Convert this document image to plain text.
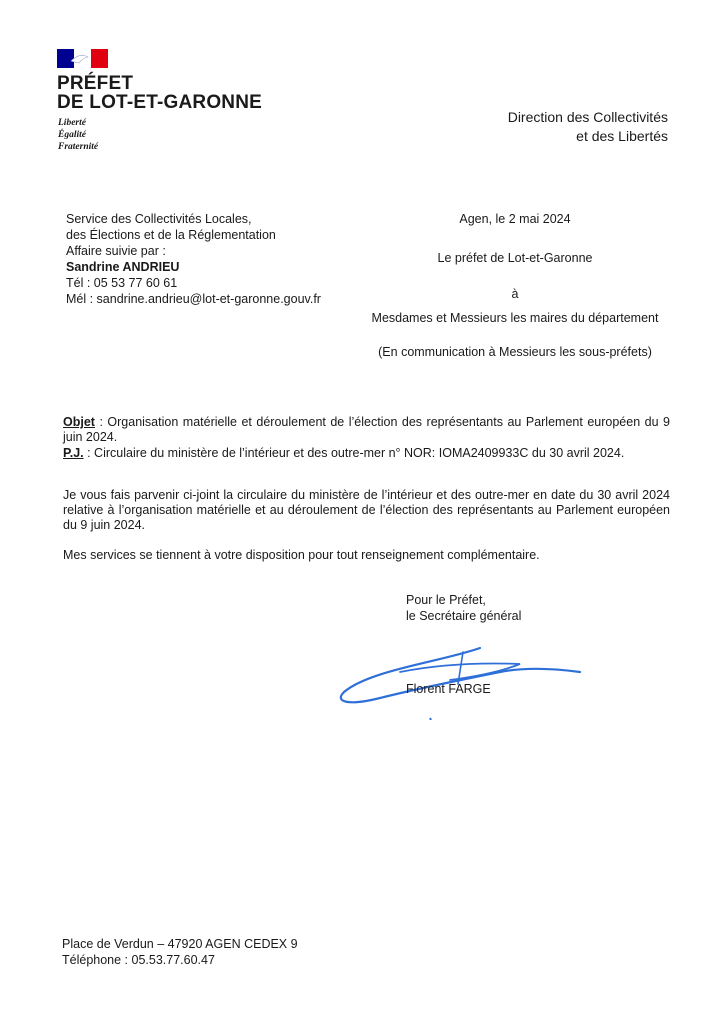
PRÉFET
DE LOT-ET-GARONNE
Liberté
Égalité
Fraternité
Direction des Collectivités
et des Libertés
Service des Collectivités Locales,
des Élections et de la Réglementation
Affaire suivie par :
Sandrine ANDRIEU
Tél : 05 53 77 60 61
Mél : sandrine.andrieu@lot-et-garonne.gouv.fr
Agen, le 2 mai 2024
Le préfet de Lot-et-Garonne
à
Mesdames et Messieurs les maires du département
(En communication à Messieurs les sous-préfets)
Objet : Organisation matérielle et déroulement de l’élection des représentants au Parlement européen du 9 juin 2024.
P.J. : Circulaire du ministère de l’intérieur et des outre-mer n° NOR: IOMA2409933C du 30 avril 2024.
Je vous fais parvenir ci-joint la circulaire du ministère de l’intérieur et des outre-mer en date du 30 avril 2024 relative à l’organisation matérielle et au déroulement de l’élection des représentants au Parlement européen du 9 juin 2024.
Mes services se tiennent à votre disposition pour tout renseignement complémentaire.
Pour le Préfet,
le Secrétaire général
Florent FARGE
Place de Verdun – 47920 AGEN CEDEX 9
Téléphone : 05.53.77.60.47
